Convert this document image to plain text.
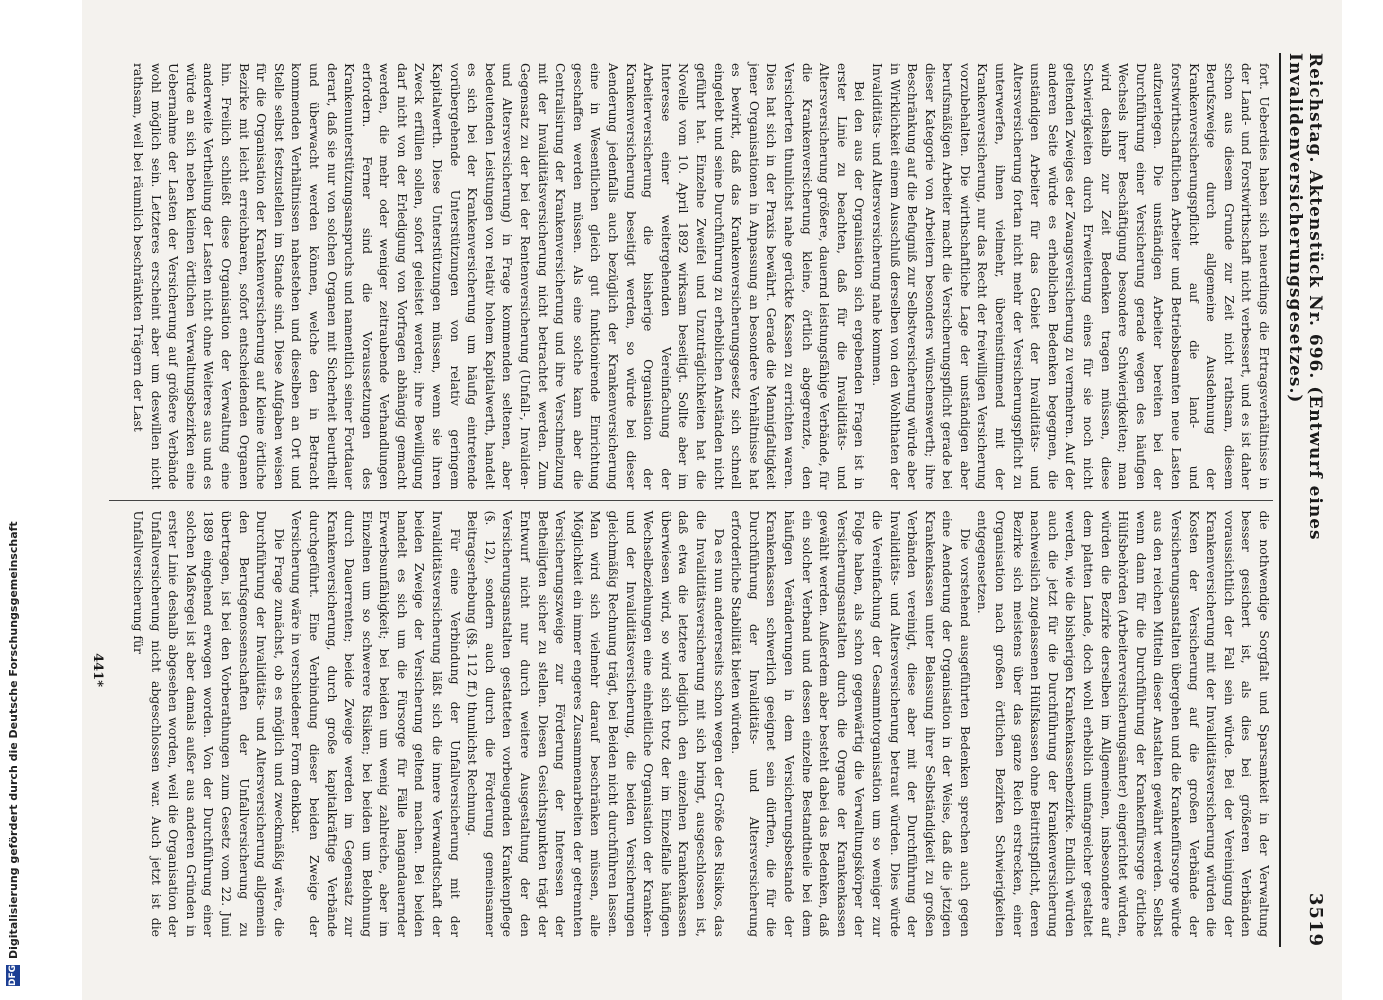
DFG
Digitalisierung gefördert durch die Deutsche Forschungsgemeinschaft
Reichstag. Aktenstück Nr. 696. (Entwurf eines Invalidenversicherungsgesetzes.)
3519

fort. Ueberdies haben sich neuerdings die Ertragsverhältnisse in der Land- und Forstwirthschaft nicht verbessert, und es ist daher schon aus diesem Grunde zur Zeit nicht rathsam, diesem Berufszweige durch allgemeine Ausdehnung der Krankenversicherungspflicht auf die land- und forstwirthschaftlichen Arbeiter und Betriebsbeamten neue Lasten aufzuerlegen. Die unständigen Arbeiter bereiten bei der Durchführung einer Versicherung gerade wegen des häufigen Wechsels ihrer Beschäftigung besondere Schwierigkeiten; man wird deshalb zur Zeit Bedenken tragen müssen, diese Schwierigkeiten durch Erweiterung eines für sie noch nicht geltenden Zweiges der Zwangsversicherung zu vermehren. Auf der anderen Seite würde es erheblichen Bedenken begegnen, die unständigen Arbeiter für das Gebiet der Invaliditäts- und Altersversicherung fortan nicht mehr der Versicherungspflicht zu unterwerfen, ihnen vielmehr, übereinstimmend mit der Krankenversicherung, nur das Recht der freiwilligen Versicherung vorzubehalten. Die wirthschaftliche Lage der unständigen aber berufsmäßigen Arbeiter macht die Versicherungspflicht gerade bei dieser Kategorie von Arbeitern besonders wünschenswerth; ihre Beschränkung auf die Befugniß zur Selbstversicherung würde aber in Wirklichkeit einem Ausschluß derselben von den Wohlthaten der Invaliditäts- und Altersversicherung nahe kommen.

Bei den aus der Organisation sich ergebenden Fragen ist in erster Linie zu beachten, daß für die Invaliditäts- und Altersversicherung größere, dauernd leistungsfähige Verbände, für die Krankenversicherung kleine, örtlich abgegrenzte, den Versicherten thunlichst nahe gerückte Kassen zu errichten waren. Dies hat sich in der Praxis bewährt. Gerade die Mannigfaltigkeit jener Organisationen in Anpassung an besondere Verhältnisse hat es bewirkt, daß das Krankenversicherungsgesetz sich schnell eingelebt und seine Durchführung zu erheblichen Anständen nicht geführt hat. Einzelne Zweifel und Unzuträglichkeiten hat die Novelle vom 10. April 1892 wirksam beseitigt. Sollte aber im Interesse einer weitergehenden Vereinfachung der Arbeiterversicherung die bisherige Organisation der Krankenversicherung beseitigt werden, so würde bei dieser Aenderung jedenfalls auch bezüglich der Krankenversicherung eine in Wesentlichen gleich gut funktionirende Einrichtung geschaffen werden müssen. Als eine solche kann aber die Centralisirung der Krankenversicherung und ihre Verschmelzung mit der Invaliditätsversicherung nicht betrachtet werden. Zum Gegensatz zu der bei der Rentenversicherung (Unfall-, Invaliden- und Altersversicherung) in Frage kommenden seltenen, aber bedeutenden Leistungen von relativ hohem Kapitalwerth, handelt es sich bei der Krankenversicherung um häufig eintretende vorübergehende Unterstützungen von relativ geringem Kapitalwerth. Diese Unterstützungen müssen, wenn sie ihren Zweck erfüllen sollen, sofort geleistet werden; ihre Bewilligung darf nicht von der Erledigung von Vorfragen abhängig gemacht werden, die mehr oder weniger zeitraubende Verhandlungen erfordern. Ferner sind die Voraussetzungen des Krankenunterstützungsanspruchs und namentlich seiner Fortdauer derart, daß sie nur von solchen Organen mit Sicherheit beurtheilt und überwacht werden können, welche den in Betracht kommenden Verhältnissen nahestehen und dieselben an Ort und Stelle selbst festzustellen im Stande sind. Diese Aufgaben weisen für die Organisation der Krankenversicherung auf kleine örtliche Bezirke mit leicht erreichbaren, sofort entscheidenden Organen hin. Freilich schließt diese Organisation der Verwaltung eine anderweite Vertheilung der Lasten nicht ohne Weiteres aus und es würde an sich neben kleinen örtlichen Verwaltungsbezirken eine Uebernahme der Lasten der Versicherung auf größere Verbände wohl möglich sein. Letzteres erscheint aber um deswillen nicht rathsam, weil bei räumlich beschränkten Trägern der Last

die nothwendige Sorgfalt und Sparsamkeit in der Verwaltung besser gesichert ist, als dies bei größeren Verbänden voraussichtlich der Fall sein würde. Bei der Vereinigung der Krankenversicherung mit der Invaliditätsversicherung würden die Kosten der Versicherung auf die großen Verbände der Versicherungsanstalten übergehen und die Krankenfürsorge würde aus den reichen Mitteln dieser Anstalten gewährt werden. Selbst wenn dann für die Durchführung der Krankenfürsorge örtliche Hülfsbehörden (Arbeiterversicherungsämter) eingerichtet würden, würden die Bezirke derselben im Allgemeinen, insbesondere auf dem platten Lande, doch wohl erheblich umfangreicher gestaltet werden, wie die bisherigen Krankenkassenbezirke. Endlich würden auch die jetzt für die Durchführung der Krankenversicherung nachweislich zugelassenen Hülfskassen ohne Beitrittspflicht, deren Bezirke sich meistens über das ganze Reich erstrecken, einer Organisation nach großen örtlichen Bezirken Schwierigkeiten entgegensetzen.

Die vorstehend ausgeführten Bedenken sprechen auch gegen eine Aenderung der Organisation in der Weise, daß die jetzigen Krankenkassen unter Belassung ihrer Selbständigkeit zu großen Verbänden vereinigt, diese aber mit der Durchführung der Invaliditäts- und Altersversicherung betraut würden. Dies würde die Vereinfachung der Gesammtorganisation um so weniger zur Folge haben, als schon gegenwärtig die Verwaltungskörper der Versicherungsanstalten durch die Organe der Krankenkassen gewählt werden. Außerdem aber besteht dabei das Bedenken, daß ein solcher Verband und dessen einzelne Bestandtheile bei dem häufigen Veränderungen in dem Versicherungsbestande der Krankenkassen schwerlich geeignet sein dürften, die für die Durchführung der Invaliditäts- und Altersversicherung erforderliche Stabilität bieten würden.

Da es nun andererseits schon wegen der Größe des Risikos, das die Invaliditätsversicherung mit sich bringt, ausgeschlossen ist, daß etwa die letztere lediglich den einzelnen Krankenkassen überwiesen wird, so wird sich trotz der im Einzelfalle häufigen Wechselbeziehungen eine einheitliche Organisation der Kranken- und der Invaliditätsversicherung, die beiden Versicherungen gleichmäßig Rechnung trägt, bei Beiden nicht durchführen lassen. Man wird sich vielmehr darauf beschränken müssen, alle Möglichkeit ein immer engeres Zusammenarbeiten der getrennten Versicherungszweige zur Förderung der Interessen der Betheiligten sicher zu stellen. Diesen Gesichtspunkten trägt der Entwurf nicht nur durch weitere Ausgestaltung der den Versicherungsanstalten gestatteten vorbeugenden Krankenpflege (§. 12), sondern auch durch die Förderung gemeinsamer Beitragserhebung (§§. 112 ff.) thunlichst Rechnung.

Für eine Verbindung der Unfallversicherung mit der Invaliditätsversicherung läßt sich die innere Verwandtschaft der beiden Zweige der Versicherung geltend machen. Bei beiden handelt es sich um die Fürsorge für Fälle langandauernder Erwerbsunfähigkeit; bei beiden um wenig zahlreiche, aber im Einzelnen um so schwerere Risiken; bei beiden um Belohnung durch Dauerrenten; beide Zweige werden im Gegensatz zur Krankenversicherung, durch große kapitalkräftige Verbände durchgeführt. Eine Verbindung dieser beiden Zweige der Versicherung wäre in verschiedener Form denkbar.

Die Frage zunächst, ob es möglich und zweckmäßig wäre, die Durchführung der Invaliditäts- und Altersversicherung allgemein den Berufsgenossenschaften der Unfallversicherung zu übertragen, ist bei den Vorberathungen zum Gesetz vom 22. Juni 1889 eingehend erwogen worden. Von der Durchführung einer solchen Maßregel ist aber damals außer aus anderen Gründen in erster Linie deshalb abgesehen worden, weil die Organisation der Unfallversicherung nicht abgeschlossen war. Auch jetzt ist die Unfallversicherung für

441*
